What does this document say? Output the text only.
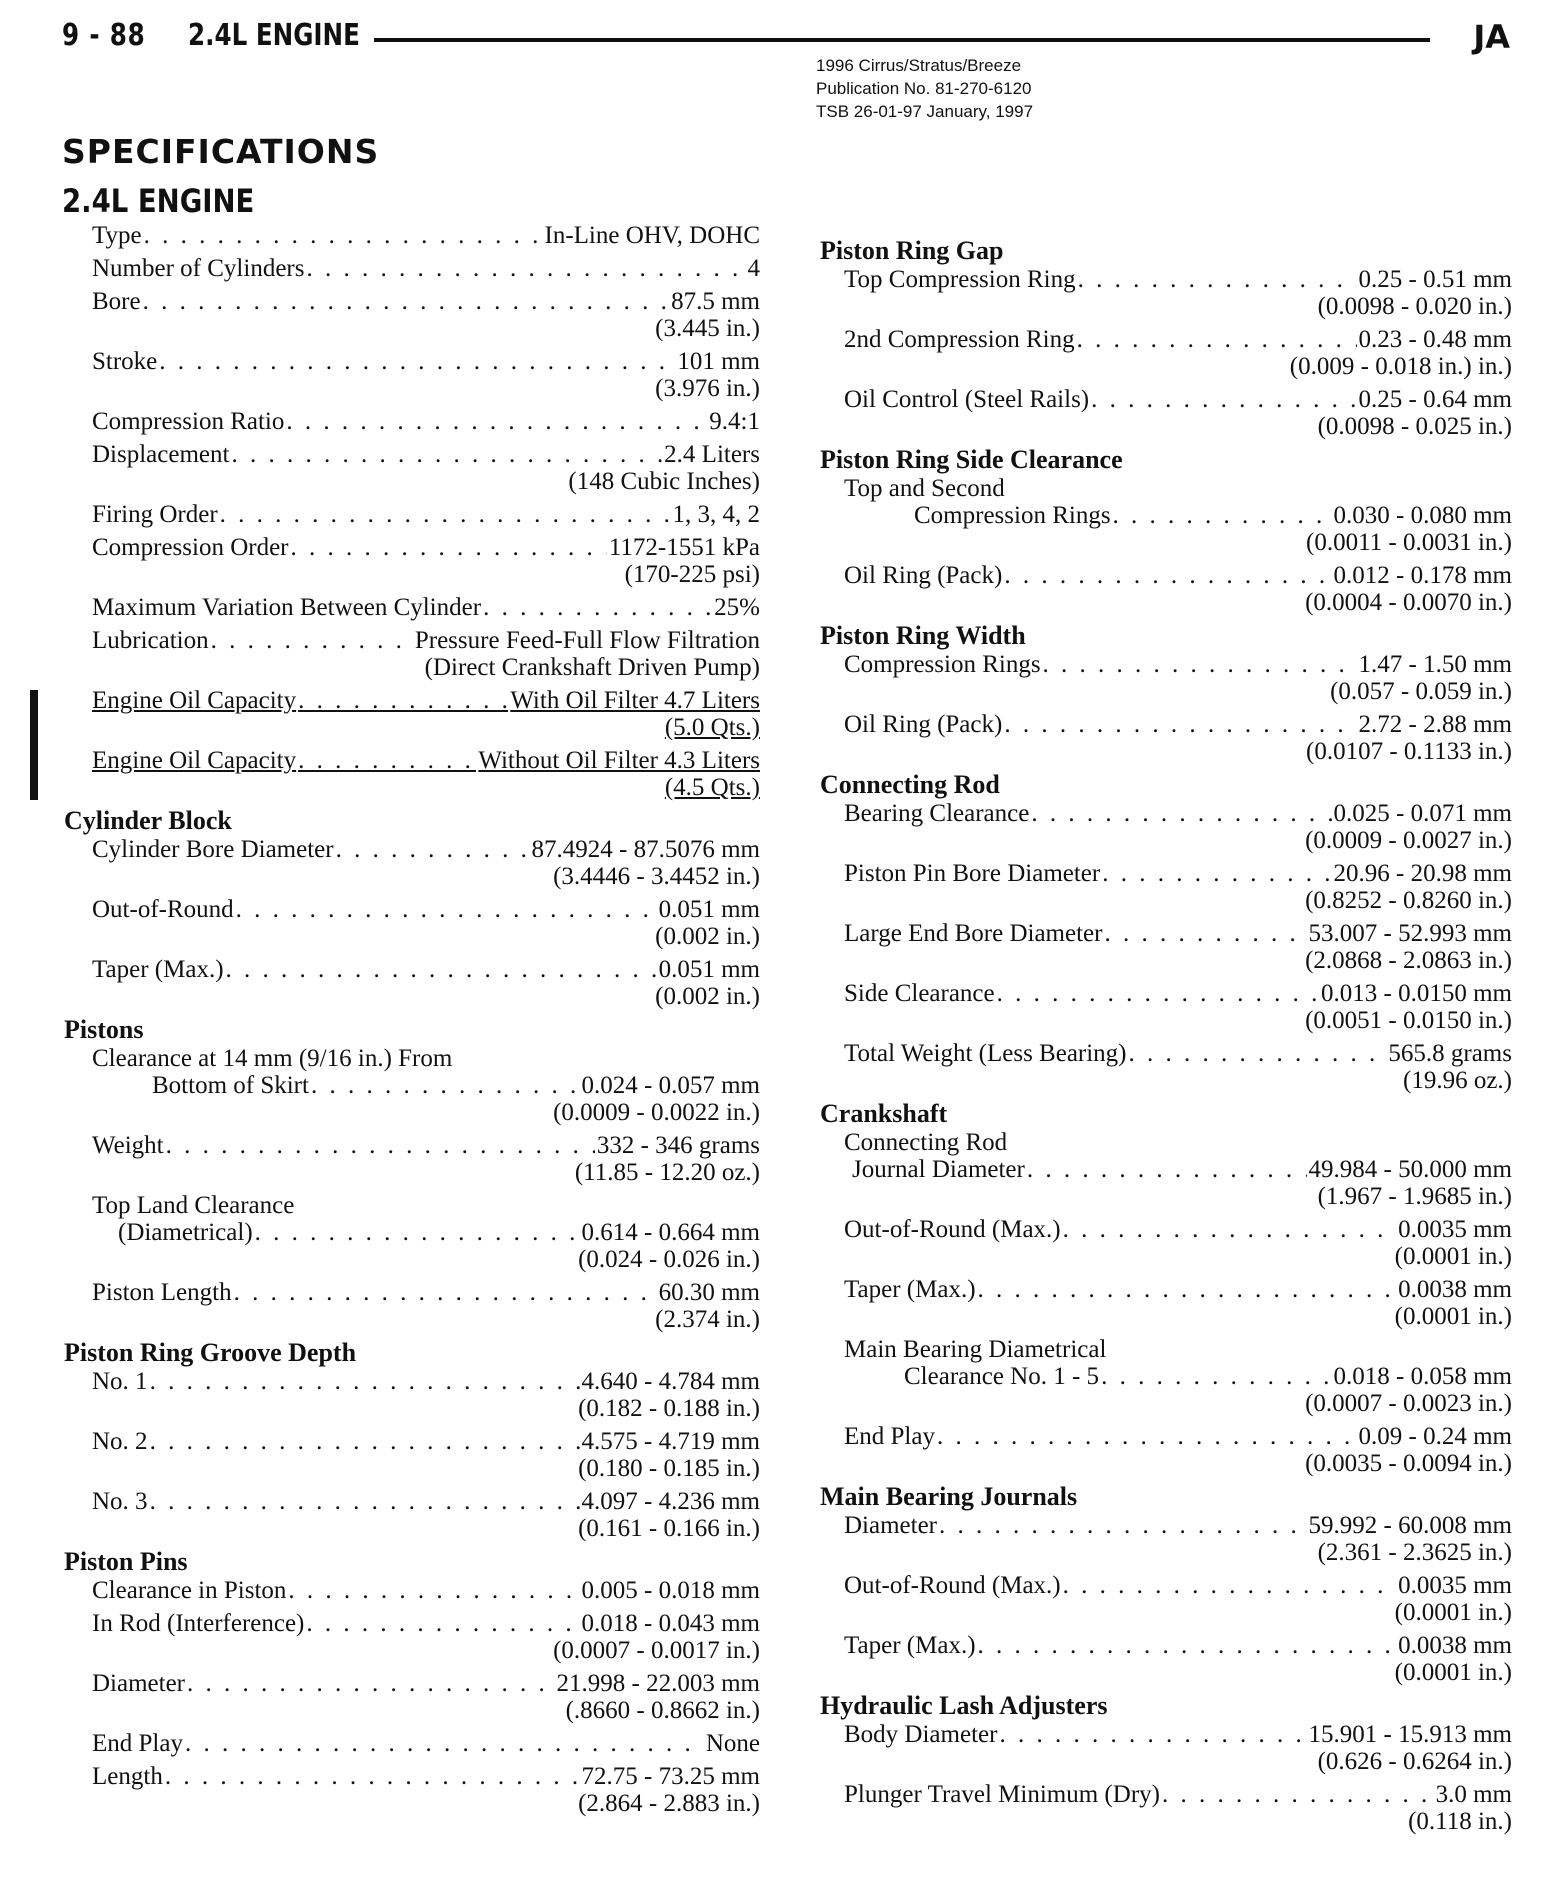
9 - 88 2.4L ENGINE	JA
1996 Cirrus/Stratus/Breeze
Publication No. 81-270-6120
TSB 26-01-97 January, 1997
SPECIFICATIONS
2.4L ENGINE
Type . . .	In-Line OHV, DOHC
Number of Cylinders . . .	4
Bore . . .	87.5 mm
(3.445 in.)
Stroke . . .	101 mm
(3.976 in.)
Compression Ratio . . .	9.4:1
Displacement . . .	2.4 Liters
(148 Cubic Inches)
Firing Order . . .	1, 3, 4, 2
Compression Order . . .	1172-1551 kPa
(170-225 psi)
Maximum Variation Between Cylinder . . .	25%
Lubrication . . .	Pressure Feed-Full Flow Filtration
(Direct Crankshaft Driven Pump)
Engine Oil Capacity . . .	With Oil Filter 4.7 Liters
(5.0 Qts.)
Engine Oil Capacity . . .	Without Oil Filter 4.3 Liters
(4.5 Qts.)
Cylinder Block
Cylinder Bore Diameter . . .	87.4924 - 87.5076 mm
(3.4446 - 3.4452 in.)
Out-of-Round . . .	0.051 mm
(0.002 in.)
Taper (Max.) . . .	0.051 mm
(0.002 in.)
Pistons
Clearance at 14 mm (9/16 in.) From
Bottom of Skirt . . .	0.024 - 0.057 mm
(0.0009 - 0.0022 in.)
Weight . . .	332 - 346 grams
(11.85 - 12.20 oz.)
Top Land Clearance
(Diametrical) . . .	0.614 - 0.664 mm
(0.024 - 0.026 in.)
Piston Length . . .	60.30 mm
(2.374 in.)
Piston Ring Groove Depth
No. 1 . . .	4.640 - 4.784 mm
(0.182 - 0.188 in.)
No. 2 . . .	4.575 - 4.719 mm
(0.180 - 0.185 in.)
No. 3 . . .	4.097 - 4.236 mm
(0.161 - 0.166 in.)
Piston Pins
Clearance in Piston . . .	0.005 - 0.018 mm
In Rod (Interference) . . .	0.018 - 0.043 mm
(0.0007 - 0.0017 in.)
Diameter . . .	21.998 - 22.003 mm
(.8660 - 0.8662 in.)
End Play . . .	None
Length . . .	72.75 - 73.25 mm
(2.864 - 2.883 in.)
Piston Ring Gap
Top Compression Ring . . .	0.25 - 0.51 mm
(0.0098 - 0.020 in.)
2nd Compression Ring . . .	0.23 - 0.48 mm
(0.009 - 0.018 in.) in.)
Oil Control (Steel Rails) . . .	0.25 - 0.64 mm
(0.0098 - 0.025 in.)
Piston Ring Side Clearance
Top and Second
Compression Rings . . .	0.030 - 0.080 mm
(0.0011 - 0.0031 in.)
Oil Ring (Pack) . . .	0.012 - 0.178 mm
(0.0004 - 0.0070 in.)
Piston Ring Width
Compression Rings . . .	1.47 - 1.50 mm
(0.057 - 0.059 in.)
Oil Ring (Pack) . . .	2.72 - 2.88 mm
(0.0107 - 0.1133 in.)
Connecting Rod
Bearing Clearance . . .	0.025 - 0.071 mm
(0.0009 - 0.0027 in.)
Piston Pin Bore Diameter . . .	20.96 - 20.98 mm
(0.8252 - 0.8260 in.)
Large End Bore Diameter . . .	53.007 - 52.993 mm
(2.0868 - 2.0863 in.)
Side Clearance . . .	0.013 - 0.0150 mm
(0.0051 - 0.0150 in.)
Total Weight (Less Bearing) . . .	565.8 grams
(19.96 oz.)
Crankshaft
Connecting Rod
Journal Diameter . . .	49.984 - 50.000 mm
(1.967 - 1.9685 in.)
Out-of-Round (Max.) . . .	0.0035 mm
(0.0001 in.)
Taper (Max.) . . .	0.0038 mm
(0.0001 in.)
Main Bearing Diametrical
Clearance No. 1 - 5 . . .	0.018 - 0.058 mm
(0.0007 - 0.0023 in.)
End Play . . .	0.09 - 0.24 mm
(0.0035 - 0.0094 in.)
Main Bearing Journals
Diameter . . .	59.992 - 60.008 mm
(2.361 - 2.3625 in.)
Out-of-Round (Max.) . . .	0.0035 mm
(0.0001 in.)
Taper (Max.) . . .	0.0038 mm
(0.0001 in.)
Hydraulic Lash Adjusters
Body Diameter . . .	15.901 - 15.913 mm
(0.626 - 0.6264 in.)
Plunger Travel Minimum (Dry) . . .	3.0 mm
(0.118 in.)
